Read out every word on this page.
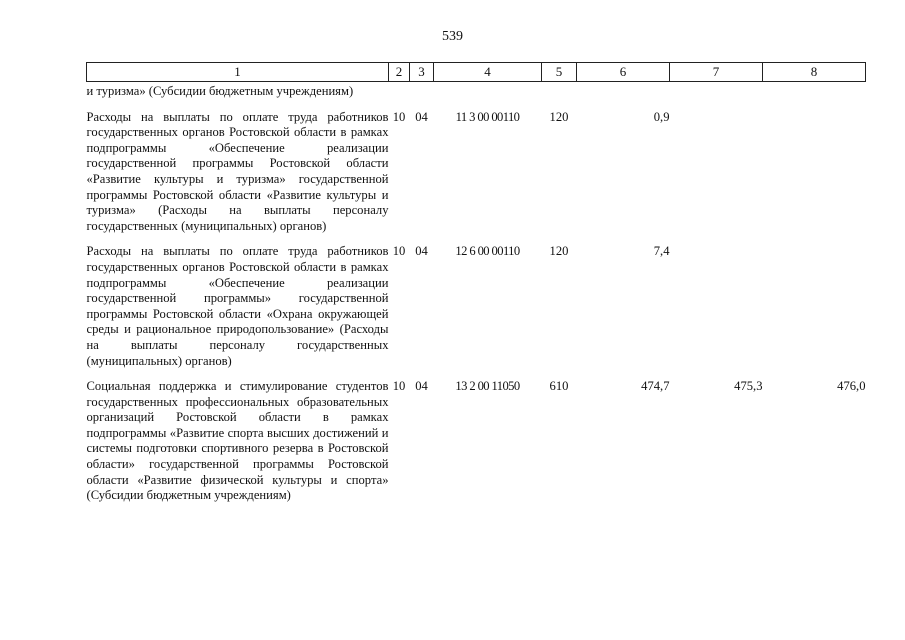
539
1	2	3	4	5	6	7	8
и туризма» (Субсидии бюджетным учреждениям)							
Расходы на выплаты по оплате труда работников государственных органов Ростовской области в рамках подпрограммы «Обеспечение реализации государственной программы Ростовской области «Развитие культуры и туризма» государственной программы Ростовской области «Развитие культуры и туризма» (Расходы на выплаты персоналу государственных (муниципальных) органов)	10	04	11 3 00 00110	120	0,9		
Расходы на выплаты по оплате труда работников государственных органов Ростовской области в рамках подпрограммы «Обеспечение реализации государственной программы» государственной программы Ростовской области «Охрана окружающей среды и рациональное природопользование» (Расходы на выплаты персоналу государственных (муниципальных) органов)	10	04	12 6 00 00110	120	7,4		
Социальная поддержка и стимулирование студентов государственных профессиональных образовательных организаций Ростовской области в рамках подпрограммы «Развитие спорта высших достижений и системы подготовки спортивного резерва в Ростовской области» государственной программы Ростовской области «Развитие физической культуры и спорта» (Субсидии бюджетным учреждениям)	10	04	13 2 00 11050	610	474,7	475,3	476,0
